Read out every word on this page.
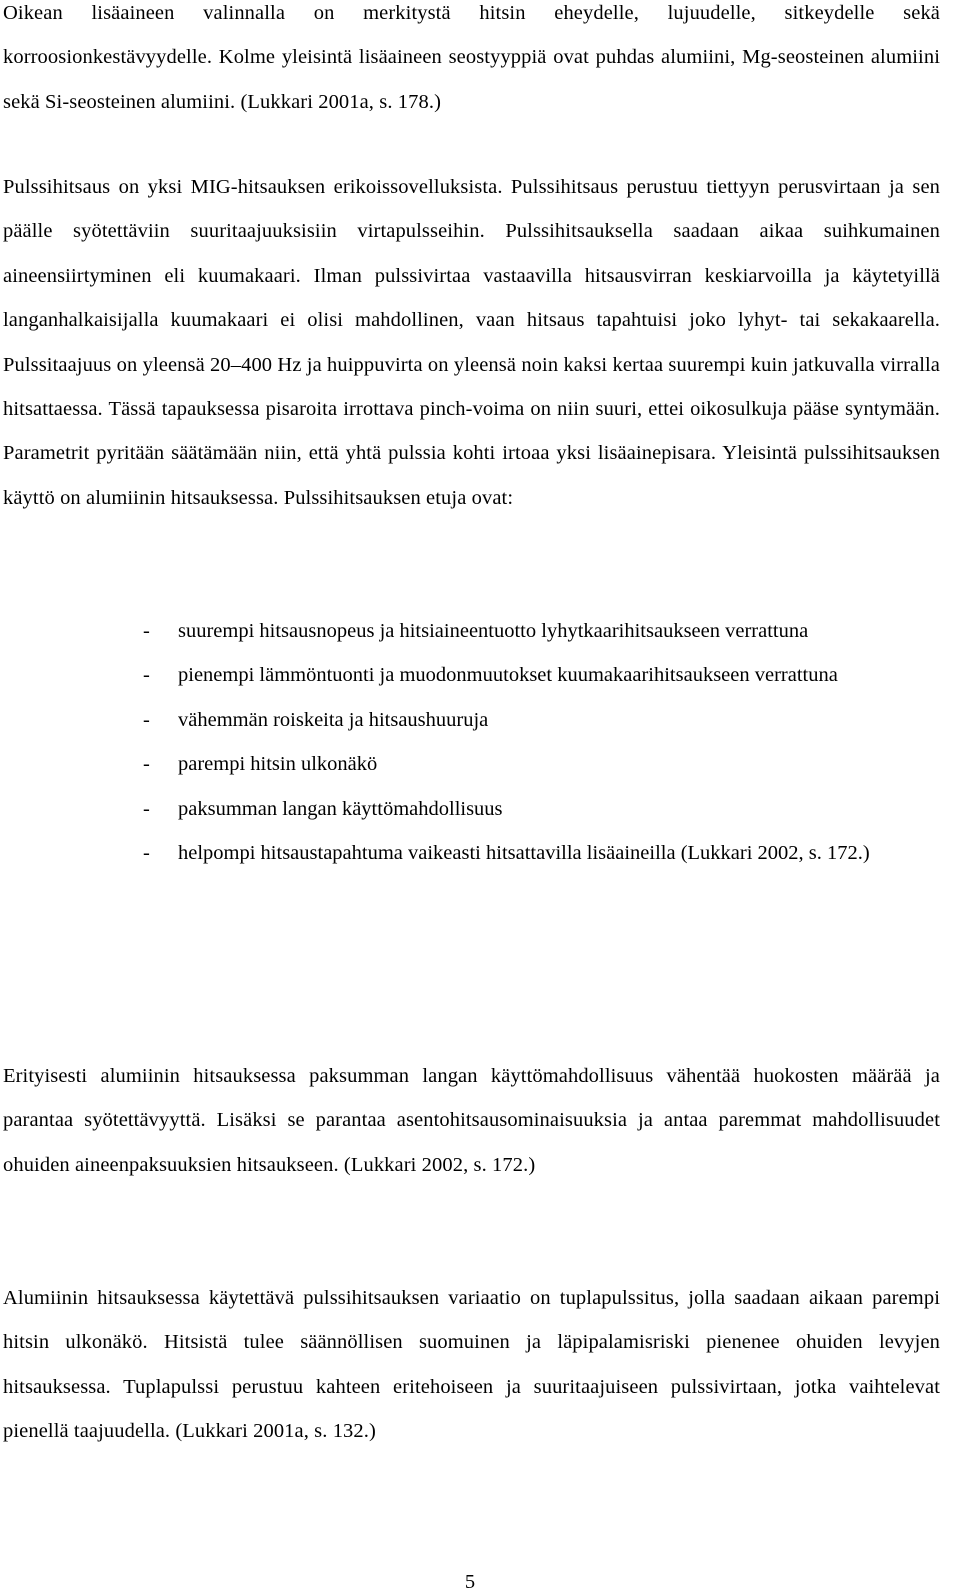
Oikean lisäaineen valinnalla on merkitystä hitsin eheydelle, lujuudelle, sitkeydelle sekä korroosionkestävyydelle. Kolme yleisintä lisäaineen seostyyppiä ovat puhdas alumiini, Mg-seosteinen alumiini sekä Si-seosteinen alumiini. (Lukkari 2001a, s. 178.)

Pulssihitsaus on yksi MIG-hitsauksen erikoissovelluksista. Pulssihitsaus perustuu tiettyyn perusvirtaan ja sen päälle syötettäviin suuritaajuuksisiin virtapulsseihin. Pulssihitsauksella saadaan aikaa suihkumainen aineensiirtyminen eli kuumakaari. Ilman pulssivirtaa vastaavilla hitsausvirran keskiarvoilla ja käytetyillä langanhalkaisijalla kuumakaari ei olisi mahdollinen, vaan hitsaus tapahtuisi joko lyhyt- tai sekakaarella. Pulssitaajuus on yleensä 20–400 Hz ja huippuvirta on yleensä noin kaksi kertaa suurempi kuin jatkuvalla virralla hitsattaessa. Tässä tapauksessa pisaroita irrottava pinch-voima on niin suuri, ettei oikosulkuja pääse syntymään. Parametrit pyritään säätämään niin, että yhtä pulssia kohti irtoaa yksi lisäainepisara. Yleisintä pulssihitsauksen käyttö on alumiinin hitsauksessa. Pulssihitsauksen etuja ovat:

- suurempi hitsausnopeus ja hitsiaineentuotto lyhytkaarihitsaukseen verrattuna
- pienempi lämmöntuonti ja muodonmuutokset kuumakaarihitsaukseen verrattuna
- vähemmän roiskeita ja hitsaushuuruja
- parempi hitsin ulkonäkö
- paksumman langan käyttömahdollisuus
- helpompi hitsaustapahtuma vaikeasti hitsattavilla lisäaineilla (Lukkari 2002, s. 172.)

Erityisesti alumiinin hitsauksessa paksumman langan käyttömahdollisuus vähentää huokosten määrää ja parantaa syötettävyyttä. Lisäksi se parantaa asentohitsausominaisuuksia ja antaa paremmat mahdollisuudet ohuiden aineenpaksuuksien hitsaukseen. (Lukkari 2002, s. 172.)

Alumiinin hitsauksessa käytettävä pulssihitsauksen variaatio on tuplapulssitus, jolla saadaan aikaan parempi hitsin ulkonäkö. Hitsistä tulee säännöllisen suomuinen ja läpipalamisriski pienenee ohuiden levyjen hitsauksessa. Tuplapulssi perustuu kahteen eritehoiseen ja suuritaajuiseen pulssivirtaan, jotka vaihtelevat pienellä taajuudella. (Lukkari 2001a, s. 132.)

5
